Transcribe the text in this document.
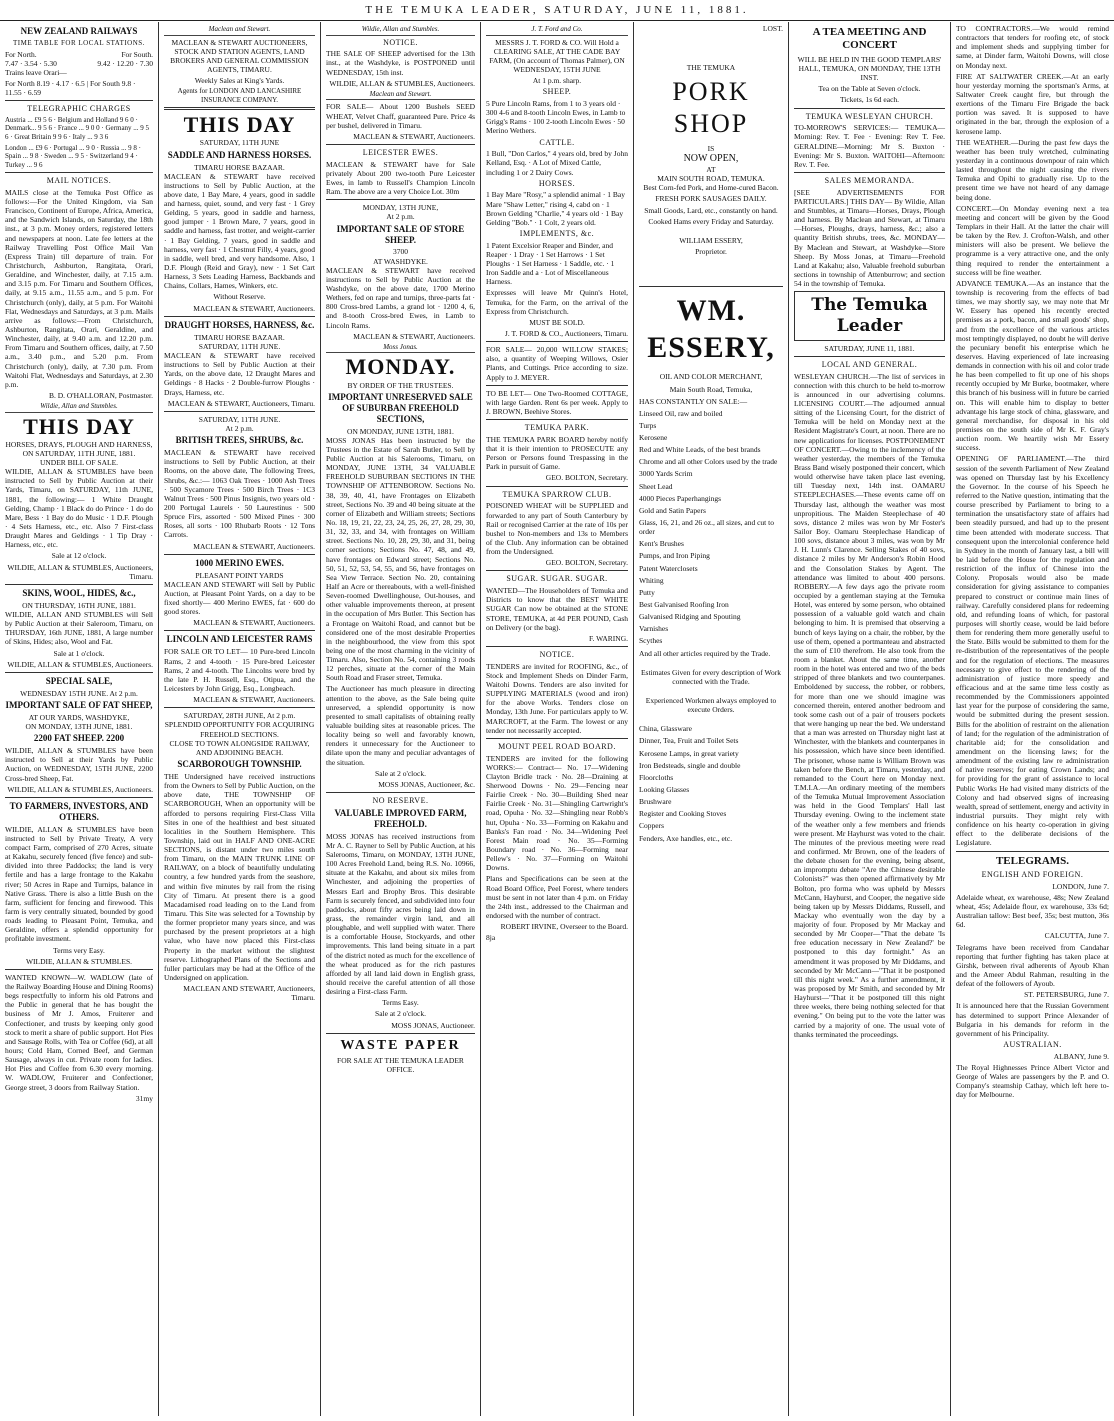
THE TEMUKA LEADER, SATURDAY, JUNE 11, 1881.
NEW ZEALAND RAILWAYS
TIME TABLE FOR LOCAL STATIONS.
For North.
7.47 · 3.54 · 5.30
For South.
9.42 · 12.20 · 7.30

Trains leave Orari—

For North 8.19 · 4.17 · 6.5 | For South 9.8 · 11.55 · 6.59

TELEGRAPHIC CHARGES

Austria ... £9 5 6 · Belgium and Holland 9 6 0 · Denmark... 9 5 6 · France ... 9 0 0 · Germany ... 9 5 6 · Great Britain 9 9 6 · Italy ... 9 3 6

London ... £9 6 · Portugal ... 9 0 · Russia ... 9 8 · Spain ... 9 8 · Sweden ... 9 5 · Switzerland 9 4 · Turkey ... 9 6

MAIL NOTICES.

MAILS close at the Temuka Post Office as follows:—For the United Kingdom, via San Francisco, Continent of Europe, Africa, America, and the Sandwich Islands, on Saturday, the 18th inst., at 3 p.m. Money orders, registered letters and newspapers at noon. Late fee letters at the Railway Travelling Post Office Mail Van (Express Train) till departure of train. For Christchurch, Ashburton, Rangitata, Orari, Geraldine, and Winchester, daily, at 7.15 a.m. and 3.15 p.m. For Timaru and Southern Offices, daily, at 9.15 a.m., 11.55 a.m., and 5 p.m. For Christchurch (only), daily, at 5 p.m. For Waitohi Flat, Wednesdays and Saturdays, at 3 p.m. Mails arrive as follows:—From Christchurch, Ashburton, Rangitata, Orari, Geraldine, and Winchester, daily, at 9.40 a.m. and 12.20 p.m. From Timaru and Southern offices, daily, at 7.50 a.m., 3.40 p.m., and 5.20 p.m. From Christchurch (only), daily, at 7.30 p.m. From Waitohi Flat, Wednesdays and Saturdays, at 2.30 p.m.

B. D. O'HALLORAN, Postmaster.

Wildie, Allan and Stumbles.
THIS DAY
HORSES, DRAYS, PLOUGH AND HARNESS,
ON SATURDAY, 11TH JUNE, 1881.
UNDER BILL OF SALE.

WILDIE, ALLAN & STUMBLES have been instructed to Sell by Public Auction at their Yards, Timaru, on SATURDAY, 11th JUNE, 1881, the following:— 1 White Draught Gelding, Champ · 1 Black do do Prince · 1 do do Mare, Bess · 1 Bay do do Music · 1 D.F. Plough · 4 Sets Harness, etc., etc. Also 7 First-class Draught Mares and Geldings · 1 Tip Dray · Harness, etc., etc.

Sale at 12 o'clock.

WILDIE, ALLAN & STUMBLES, Auctioneers, Timaru.

SKINS, WOOL, HIDES, &c.,
ON THURSDAY, 16TH JUNE, 1881.

WILDIE, ALLAN AND STUMBLES will Sell by Public Auction at their Saleroom, Timaru, on THURSDAY, 16th JUNE, 1881, A large number of Skins, Hides; also, Wool and Fat.

Sale at 1 o'clock.

WILDIE, ALLAN & STUMBLES, Auctioneers.

SPECIAL SALE,
WEDNESDAY 15TH JUNE. At 2 p.m.
IMPORTANT SALE OF FAT SHEEP,
AT OUR YARDS, WASHDYKE,
ON MONDAY, 13TH JUNE, 1881.
2200 FAT SHEEP. 2200

WILDIE, ALLAN & STUMBLES have been instructed to Sell at their Yards by Public Auction, on WEDNESDAY, 15TH JUNE, 2200 Cross-bred Sheep, Fat.

WILDIE, ALLAN & STUMBLES, Auctioneers.

TO FARMERS, INVESTORS, AND OTHERS.

WILDIE, ALLAN & STUMBLES have been instructed to Sell by Private Treaty, A very compact Farm, comprised of 270 Acres, situate at Kakahu, securely fenced (five fence) and sub-divided into three Paddocks; the land is very fertile and has a large frontage to the Kakahu river; 50 Acres in Rape and Turnips, balance in Native Grass. There is also a little Bush on the farm, sufficient for fencing and firewood. This farm is very centrally situated, bounded by good roads leading to Pleasant Point, Temuka, and Geraldine, offers a splendid opportunity for profitable investment.

Terms very Easy.

WILDIE, ALLAN & STUMBLES.

WANTED KNOWN—W. WADLOW (late of the Railway Boarding House and Dining Rooms) begs respectfully to inform his old Patrons and the Public in general that he has bought the business of Mr J. Amos, Fruiterer and Confectioner, and trusts by keeping only good stock to merit a share of public support. Hot Pies and Sausage Rolls, with Tea or Coffee (6d), at all hours; Cold Ham, Corned Beef, and German Sausage, always in cut. Private room for ladies. Hot Pies and Coffee from 6.30 every morning. W. WADLOW, Fruiterer and Confectioner, George street, 3 doors from Railway Station.

31my

Maclean and Stewart.

MACLEAN & STEWART AUCTIONEERS, STOCK AND STATION AGENTS, LAND BROKERS AND GENERAL COMMISSION AGENTS, TIMARU.

Weekly Sales at King's Yards.

Agents for LONDON AND LANCASHIRE INSURANCE COMPANY.

THIS DAY
SATURDAY, 11TH JUNE
SADDLE AND HARNESS HORSES.
TIMARU HORSE BAZAAR.

MACLEAN & STEWART have received instructions to Sell by Public Auction, at the above date, 1 Bay Mare, 4 years, good in saddle and harness, quiet, sound, and very fast · 1 Grey Gelding, 5 years, good in saddle and harness, good jumper · 1 Brown Mare, 7 years, good in saddle and harness, fast trotter, and weight-carrier · 1 Bay Gelding, 7 years, good in saddle and harness, very fast · 1 Chestnut Filly, 4 years, good in saddle, well bred, and very handsome. Also, 1 D.F. Plough (Reid and Gray), new · 1 Set Cart Harness, 3 Sets Leading Harness, Backbands and Chains, Collars, Hames, Winkers, etc.

Without Reserve.

MACLEAN & STEWART, Auctioneers.

DRAUGHT HORSES, HARNESS, &c.
TIMARU HORSE BAZAAR.
SATURDAY, 11TH JUNE.

MACLEAN & STEWART have received instructions to Sell by Public Auction at their Yards, on the above date, 12 Draught Mares and Geldings · 8 Hacks · 2 Double-furrow Ploughs · Drays, Harness, etc.

MACLEAN & STEWART, Auctioneers, Timaru.

SATURDAY, 11TH JUNE.
At 2 p.m.
BRITISH TREES, SHRUBS, &c.

MACLEAN & STEWART have received instructions to Sell by Public Auction, at their Rooms, on the above date, The following Trees, Shrubs, &c.:— 1063 Oak Trees · 1000 Ash Trees · 500 Sycamore Trees · 500 Birch Trees · 1C3 Walnut Trees · 500 Pinus Insignis, two years old · 200 Portugal Laurels · 50 Laurestinus · 500 Spruce Firs, assorted · 500 Mixed Pines · 300 Roses, all sorts · 100 Rhubarb Roots · 12 Tons Carrots.

MACLEAN & STEWART, Auctioneers.

1000 MERINO EWES.
PLEASANT POINT YARDS

MACLEAN AND STEWART will Sell by Public Auction, at Pleasant Point Yards, on a day to be fixed shortly— 400 Merino EWES, fat · 600 do good stores.

MACLEAN & STEWART, Auctioneers.

LINCOLN AND LEICESTER RAMS

FOR SALE OR TO LET— 10 Pure-bred Lincoln Rams, 2 and 4-tooth · 15 Pure-bred Leicester Rams, 2 and 4-tooth. The Lincolns were bred by the late P. H. Russell, Esq., Otipua, and the Leicesters by John Grigg, Esq., Longbeach.

MACLEAN & STEWART, Auctioneers.

SATURDAY, 28TH JUNE, At 2 p.m.
SPLENDID OPPORTUNITY FOR ACQUIRING FREEHOLD SECTIONS.
CLOSE TO TOWN ALONGSIDE RAILWAY, AND ADJOINING BEACH.
SCARBOROUGH TOWNSHIP.

THE Undersigned have received instructions from the Owners to Sell by Public Auction, on the above date, THE TOWNSHIP OF SCARBOROUGH, When an opportunity will be afforded to persons requiring First-Class Villa Sites in one of the healthiest and best situated localities in the Southern Hemisphere. This Township, laid out in HALF AND ONE-ACRE SECTIONS, is distant under two miles south from Timaru, on the MAIN TRUNK LINE OF RAILWAY, on a block of beautifully undulating country, a few hundred yards from the seashore, and within five minutes by rail from the rising City of Timaru. At present there is a good Macadamised road leading on to the Land from Timaru. This Site was selected for a Township by the former proprietor many years since, and was purchased by the present proprietors at a high value, who have now placed this First-class Property in the market without the slightest reserve. Lithographed Plans of the Sections and fuller particulars may be had at the Office of the Undersigned on application.

MACLEAN AND STEWART, Auctioneers, Timaru.

Wildie, Allan and Stumbles.
NOTICE.

THE SALE OF SHEEP advertised for the 13th inst., at the Washdyke, is POSTPONED until WEDNESDAY, 15th inst.

WILDIE, ALLAN & STUMBLES, Auctioneers.

Maclean and Stewart.

FOR SALE— About 1200 Bushels SEED WHEAT, Velvet Chaff, guaranteed Pure. Price 4s per bushel, delivered in Timaru.

MACLEAN & STEWART, Auctioneers.

LEICESTER EWES.

MACLEAN & STEWART have for Sale privately About 200 two-tooth Pure Leicester Ewes, in lamb to Russell's Champion Lincoln Ram. The above are a very Choice Lot. 30m

MONDAY, 13TH JUNE,
At 2 p.m.
IMPORTANT SALE OF STORE SHEEP.
3700
AT WASHDYKE.

MACLEAN & STEWART have received instructions to Sell by Public Auction at the Washdyke, on the above date, 1700 Merino Wethers, fed on rape and turnips, three-parts fat · 800 Cross-bred Lambs, a grand lot · 1200 4, 6, and 8-tooth Cross-bred Ewes, in Lamb to Lincoln Rams.

MACLEAN & STEWART, Auctioneers.

Moss Jonas.
MONDAY.
BY ORDER OF THE TRUSTEES.
IMPORTANT UNRESERVED SALE OF SUBURBAN FREEHOLD SECTIONS,
ON MONDAY, JUNE 13TH, 1881.

MOSS JONAS Has been instructed by the Trustees in the Estate of Sarah Butler, to Sell by Public Auction at his Salerooms, Timaru, on MONDAY, JUNE 13TH, 34 VALUABLE FREEHOLD SUBURBAN SECTIONS IN THE TOWNSHIP OF ATTENBOROW. Sections No. 38, 39, 40, 41, have Frontages on Elizabeth street, Sections No. 39 and 40 being situate at the corner of Elizabeth and William streets; Sections No. 18, 19, 21, 22, 23, 24, 25, 26, 27, 28, 29, 30, 31, 32, 33, and 34, with frontages on William street. Sections No. 10, 28, 29, 30, and 31, being corner sections; Sections No. 47, 48, and 49, have frontages on Edward street; Sections No. 50, 51, 52, 53, 54, 55, and 56, have frontages on Sea View Terrace. Section No. 20, containing Half an Acre or thereabouts, with a well-finished Seven-roomed Dwellinghouse, Out-houses, and other valuable improvements thereon, at present in the occupation of Mrs Butler. This Section has a Frontage on Waitohi Road, and cannot but be considered one of the most desirable Properties in the neighbourhood, the view from this spot being one of the most charming in the vicinity of Timaru. Also, Section No. 54, containing 3 roods 12 perches, situate at the corner of the Main South Road and Fraser street, Temuka.

The Auctioneer has much pleasure in directing attention to the above, as the Sale being quite unreserved, a splendid opportunity is now presented to small capitalists of obtaining really valuable building sites at reasonable prices. The locality being so well and favorably known, renders it unnecessary for the Auctioneer to dilate upon the many and peculiar advantages of the situation.

Sale at 2 o'clock.

MOSS JONAS, Auctioneer, &c.

NO RESERVE.
VALUABLE IMPROVED FARM, FREEHOLD.

MOSS JONAS has received instructions from Mr A. C. Rayner to Sell by Public Auction, at his Salerooms, Timaru, on MONDAY, 13TH JUNE, 100 Acres Freehold Land, being R.S. No. 10966, situate at the Kakahu, and about six miles from Winchester, and adjoining the properties of Messrs Earl and Brophy Bros. This desirable Farm is securely fenced, and subdivided into four paddocks, about fifty acres being laid down in grass, the remainder virgin land, and all ploughable, and well supplied with water. There is a comfortable House, Stockyards, and other improvements. This land being situate in a part of the district noted as much for the excellence of the wheat produced as for the rich pastures afforded by all land laid down in English grass, should receive the careful attention of all those desiring a First-class Farm.

Terms Easy.

Sale at 2 o'clock.

MOSS JONAS, Auctioneer.

WASTE PAPER
FOR SALE AT THE TEMUKA LEADER OFFICE.
J. T. Ford and Co.

MESSRS J. T. FORD & CO. Will Hold a CLEARING SALE, AT THE CADE BAY FARM, (On account of Thomas Palmer), ON WEDNESDAY, 15TH JUNE

At 1 p.m. sharp.

SHEEP.

5 Pure Lincoln Rams, from 1 to 3 years old · 300 4-6 and 8-tooth Lincoln Ewes, in Lamb to Grigg's Rams · 100 2-tooth Lincoln Ewes · 50 Merino Wethers.

CATTLE.

1 Bull, "Don Carlos," 4 years old, bred by John Kelland, Esq. · A Lot of Mixed Cattle, including 1 or 2 Dairy Cows.

HORSES.

1 Bay Mare "Rosy," a splendid animal · 1 Bay Mare "Shaw Letter," rising 4, cabd on · 1 Brown Gelding "Charlie," 4 years old · 1 Bay Gelding "Bob." · 1 Colt, 2 years old.

IMPLEMENTS, &c.

1 Patent Excelsior Reaper and Binder, and Reaper · 1 Dray · 1 Set Harrows · 1 Set Ploughs · 1 Set Harness · 1 Saddle, etc. · 1 Iron Saddle and a · Lot of Miscellaneous Harness.

Expresses will leave Mr Quinn's Hotel, Temuka, for the Farm, on the arrival of the Express from Christchurch.

MUST BE SOLD.

J. T. FORD & CO., Auctioneers, Timaru.

FOR SALE— 20,000 WILLOW STAKES; also, a quantity of Weeping Willows, Osier Plants, and Cuttings. Price according to size. Apply to J. MEYER.

TO BE LET— One Two-Roomed COTTAGE, with large Garden. Rent 6s per week. Apply to J. BROWN, Beehive Stores.

TEMUKA PARK.

THE TEMUKA PARK BOARD hereby notify that it is their intention to PROSECUTE any Person or Persons found Trespassing in the Park in pursuit of Game.

GEO. BOLTON, Secretary.

TEMUKA SPARROW CLUB.

POISONED WHEAT will be SUPPLIED and forwarded to any part of South Canterbury by Rail or recognised Carrier at the rate of 10s per bushel to Non-members and 13s to Members of the Club. Any information can be obtained from the Undersigned.

GEO. BOLTON, Secretary.

SUGAR. SUGAR. SUGAR.

WANTED—The Householders of Temuka and Districts to know that the BEST WHITE SUGAR Can now be obtained at the STONE STORE, TEMUKA, at 4d PER POUND, Cash on Delivery (or the bag).

F. WARING.

NOTICE.

TENDERS are invited for ROOFING, &c., of Stock and Implement Sheds on Dinder Farm, Waitohi Downs. Tenders are also invited for SUPPLYING MATERIALS (wood and iron) for the above Works. Tenders close on Monday, 13th June. For particulars apply to W. MARCROFT, at the Farm. The lowest or any tender not necessarily accepted.

MOUNT PEEL ROAD BOARD.

TENDERS are invited for the following WORKS:— Contract— No. 17—Widening Clayton Bridle track · No. 28—Draining at Sherwood Downs · No. 29—Fencing near Fairlie Creek · No. 30—Building Shed near Fairlie Creek · No. 31—Shingling Cartwright's road, Opuha · No. 32—Shingling near Robb's hut, Opuha · No. 33—Forming on Kakahu and Banks's Fan road · No. 34—Widening Peel Forest Main road · No. 35—Forming Boundary road · No. 36—Forming near Pellew's · No. 37—Forming on Waitohi Downs.

Plans and Specifications can be seen at the Road Board Office, Peel Forest, where tenders must be sent in not later than 4 p.m. on Friday the 24th inst., addressed to the Chairman and endorsed with the number of contract.

ROBERT IRVINE, Overseer to the Board.

8ja

LOST.
THE TEMUKA
PORK SHOP
IS
NOW OPEN,
AT
MAIN SOUTH ROAD, TEMUKA.

Best Corn-fed Pork, and Home-cured Bacon.

FRESH PORK SAUSAGES DAILY.

Small Goods, Lard, etc., constantly on hand.

Cooked Hams every Friday and Saturday.

WILLIAM ESSERY,

Proprietor.

WM. ESSERY,
OIL AND COLOR MERCHANT,
Main South Road, Temuka,
HAS CONSTANTLY ON SALE:—
Linseed Oil, raw and boiled
Turps
Kerosene
Red and White Leads, of the best brands
Chrome and all other Colors used by the trade
3000 Yards Scrim
Sheet Lead
4000 Pieces Paperhangings
Gold and Satin Papers
Glass, 16, 21, and 26 oz., all sizes, and cut to order
Kent's Brushes
Pumps, and Iron Piping
Patent Waterclosets
Whiting
Putty
Best Galvanised Roofing Iron
Galvanised Ridging and Spouting
Varnishes
Scythes
And all other articles required by the Trade.

Estimates Given for every description of Work connected with the Trade.

Experienced Workmen always employed to execute Orders.

China, Glassware
Dinner, Tea, Fruit and Toilet Sets
Kerosene Lamps, in great variety
Iron Bedsteads, single and double
Floorcloths
Looking Glasses
Brushware
Register and Cooking Stoves
Coppers
Fenders, Axe handles, etc., etc.
A TEA MEETING AND CONCERT

WILL BE HELD IN THE GOOD TEMPLARS' HALL, TEMUKA, ON MONDAY, THE 13TH INST.

Tea on the Table at Seven o'clock.

Tickets, 1s 6d each.

TEMUKA WESLEYAN CHURCH.

TO-MORROW'S SERVICES:— TEMUKA—Morning: Rev. T. Fee · Evening: Rev T. Fee. GERALDINE—Morning: Mr S. Buxton · Evening: Mr S. Buxton. WAITOHI—Afternoon: Rev. T. Fee.

SALES MEMORANDA.

[SEE ADVERTISEMENTS FOR PARTICULARS.] THIS DAY— By Wildie, Allan and Stumbles, at Timaru—Horses, Drays, Plough and harness. By Maclean and Stewart, at Timaru—Horses, Ploughs, drays, harness, &c.; also a quantity British shrubs, trees, &c. MONDAY— By Maclean and Stewart, at Washdyke—Store Sheep. By Moss Jonas, at Timaru—Freehold Land at Kakahu; also, Valuable freehold suburban sections in township of Attenburrow; and section 54 in the township of Temuka.

The Temuka Leader
SATURDAY, JUNE 11, 1881.
LOCAL AND GENERAL.

WESLEYAN CHURCH.—The list of services in connection with this church to be held to-morrow is announced in our advertising columns. LICENSING COURT.—The adjourned annual sitting of the Licensing Court, for the district of Temuka will be held on Monday next at the Resident Magistrate's Court, at noon. There are no new applications for licenses. POSTPONEMENT OF CONCERT.—Owing to the inclemency of the weather yesterday, the members of the Temuka Brass Band wisely postponed their concert, which would otherwise have taken place last evening, till Tuesday next, 14th inst. OAMARU STEEPLECHASES.—These events came off on Thursday last, although the weather was most unpropitious. The Maiden Steeplechase of 40 sovs, distance 2 miles was won by Mr Foster's Sailor Boy. Oamaru Steeplechase Handicap of 100 sovs, distance about 3 miles, was won by Mr J. H. Lunn's Clarence. Selling Stakes of 40 sovs, distance 2 miles by Mr Anderson's Robin Hood and the Consolation Stakes by Agent. The attendance was limited to about 400 persons. ROBBERY.—A few days ago the private room occupied by a gentleman staying at the Temuka Hotel, was entered by some person, who obtained possession of a valuable gold watch and chain belonging to him. It is premised that observing a bunch of keys laying on a chair, the robber, by the use of them, opened a portmanteau and abstracted the sum of £10 therefrom. He also took from the room a blanket. About the same time, another room in the hotel was entered and two of the beds stripped of three blankets and two counterpanes. Emboldened by success, the robber, or robbers, for more than one we should imagine was concerned therein, entered another bedroom and took some cash out of a pair of trousers pockets that were hanging up near the bed. We understand that a man was arrested on Thursday night last at Winchester, with the blankets and counterpanes in his possession, which have since been identified. The prisoner, whose name is William Brown was taken before the Bench, at Timaru, yesterday, and remanded to the Court here on Monday next. T.M.I.A.—An ordinary meeting of the members of the Temuka Mutual Improvement Association was held in the Good Templars' Hall last Thursday evening. Owing to the inclement state of the weather only a few members and friends were present. Mr Hayhurst was voted to the chair. The minutes of the previous meeting were read and confirmed. Mr Brown, one of the leaders of the debate chosen for the evening, being absent, an impromptu debate "Are the Chinese desirable Colonists?" was then opened affirmatively by Mr Bolton, pro forma who was upheld by Messrs McCann, Hayhurst, and Cooper, the negative side being taken up by Messrs Diddams, Russell, and Mackay who eventually won the day by a majority of four. Proposed by Mr Mackay and seconded by Mr Cooper—"That the debate 'Is free education necessary in New Zealand?' be postponed to this day fortnight." As an amendment it was proposed by Mr Diddams, and seconded by Mr McCann—"That it be postponed till this night week." As a further amendment, it was proposed by Mr Smith, and seconded by Mr Hayhurst—"That it be postponed till this night three weeks, there being nothing selected for that evening." On being put to the vote the latter was carried by a majority of one. The usual vote of thanks terminated the proceedings.

TO CONTRACTORS.—We would remind contractors that tenders for roofing etc, of stock and implement sheds and supplying timber for same, at Dinder farm, Waitohi Downs, will close on Monday next.

FIRE AT SALTWATER CREEK.—At an early hour yesterday morning the sportsman's Arms, at Saltwater Creek caught fire, but through the exertions of the Timaru Fire Brigade the back portion was saved. It is supposed to have originated in the bar, through the explosion of a kerosene lamp.

THE WEATHER.—During the past few days the weather has been truly wretched, culminating yesterday in a continuous downpour of rain which lasted throughout the night causing the rivers Temuka and Opihi to gradually rise. Up to the present time we have not heard of any damage being done.

CONCERT.—On Monday evening next a tea meeting and concert will be given by the Good Templars in their Hall. At the latter the chair will be taken by the Rev. J. Crofton-Walsh, and other ministers will also be present. We believe the programme is a very attractive one, and the only thing required to render the entertainment a success will be fine weather.

ADVANCE TEMUKA.—As an instance that the township is recovering from the effects of bad times, we may shortly say, we may note that Mr W. Essery has opened his recently erected premises as a pork, bacon, and small goods' shop, and from the excellence of the various articles most temptingly displayed, no doubt he will derive the pecuniary benefit his enterprise which he deserves. Having experienced of late increasing demands in connection with his oil and color trade he has been compelled to fit up one of his shops recently occupied by Mr Burke, bootmaker, where this branch of his business will in future be carried on. This will enable him to display to better advantage his large stock of china, glassware, and general merchandise, for disposal in his old premises on the south side of Mr K. F. Gray's auction room. We heartily wish Mr Essery success.

OPENING OF PARLIAMENT.—The third session of the seventh Parliament of New Zealand was opened on Thursday last by his Excellency the Governor. In the course of his Speech he referred to the Native question, intimating that the course prescribed by Parliament to bring to a termination the unsatisfactory state of affairs had been steadily pursued, and had up to the present time been attended with moderate success. That consequent upon the intercolonial conference held in Sydney in the month of January last, a bill will be laid before the House for the regulation and restriction of the influx of Chinese into the Colony. Proposals would also be made consideration for giving assistance to companies prepared to construct or continue main lines of railway. Carefully considered plans for redeeming old, and refunding loans of which, for pastoral purposes will shortly cease, would be laid before them for rendering them more generally useful to the State. Bills would be submitted to them for the re-distribution of the representatives of the people and for the regulation of elections. The measures necessary to give effect to the rendering of the administration of justice more speedy and efficacious and at the same time less costly as recommended by the Commissioners appointed last year for the purpose of considering the same, would be submitted during the present session. Bills for the abolition of restraint on the alienation of land; for the regulation of the administration of charitable aid; for the consolidation and amendment on the licensing laws; for the amendment of the existing law re administration of native reserves; for eating Crown Lands; and for providing for the grant of assistance to local Public Works He had visited many districts of the Colony and had observed signs of increasing wealth, spread of settlement, energy and activity in industrial pursuits. They might rely with confidence on his hearty co-operation in giving effect to the deliberate decisions of the Legislature.

TELEGRAMS.
ENGLISH AND FOREIGN.

LONDON, June 7.

Adelaide wheat, ex warehouse, 48s; New Zealand wheat, 45s; Adelaide flour, ex warehouse, 33s 6d; Australian tallow: Best beef, 35s; best mutton, 36s 6d.

CALCUTTA, June 7.

Telegrams have been received from Candahar reporting that further fighting has taken place at Girshk, between rival adherents of Ayoub Khan and the Ameer Abdul Rahman, resulting in the defeat of the followers of Ayoub.

ST. PETERSBURG, June 7.

It is announced here that the Russian Government has determined to support Prince Alexander of Bulgaria in his demands for reform in the government of his Principality.

AUSTRALIAN.

ALBANY, June 9.

The Royal Highnesses Prince Albert Victor and George of Wales are passengers by the P. and O. Company's steamship Cathay, which left here to-day for Melbourne.
